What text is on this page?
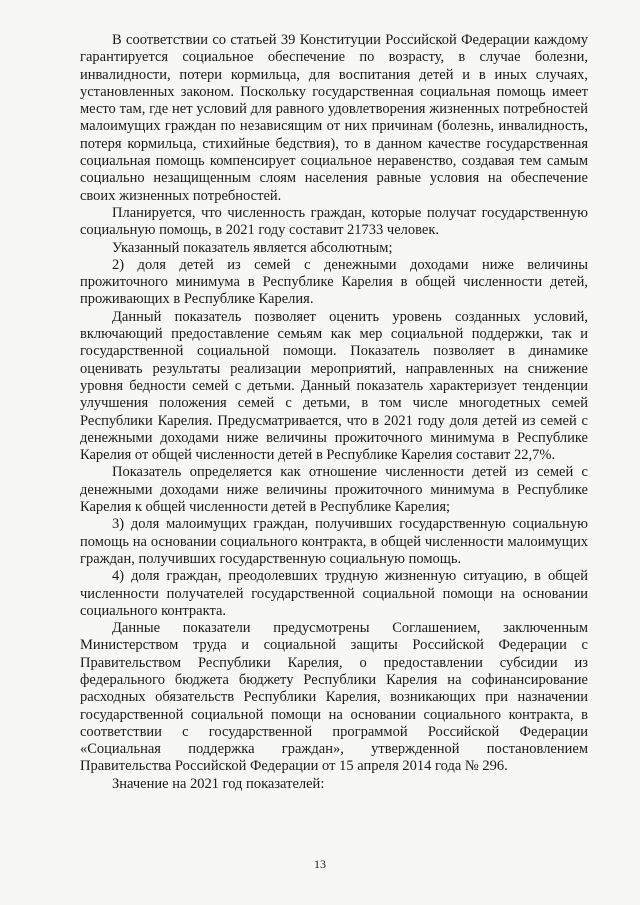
В соответствии со статьей 39 Конституции Российской Федерации каждому гарантируется социальное обеспечение по возрасту, в случае болезни, инвалидности, потери кормильца, для воспитания детей и в иных случаях, установленных законом. Поскольку государственная социальная помощь имеет место там, где нет условий для равного удовлетворения жизненных потребностей малоимущих граждан по независящим от них причинам (болезнь, инвалидность, потеря кормильца, стихийные бедствия), то в данном качестве государственная социальная помощь компенсирует социальное неравенство, создавая тем самым социально незащищенным слоям населения равные условия на обеспечение своих жизненных потребностей.

Планируется, что численность граждан, которые получат государственную социальную помощь, в 2021 году составит 21733 человек.

Указанный показатель является абсолютным;

2) доля детей из семей с денежными доходами ниже величины прожиточного минимума в Республике Карелия в общей численности детей, проживающих в Республике Карелия.

Данный показатель позволяет оценить уровень созданных условий, включающий предоставление семьям как мер социальной поддержки, так и государственной социальной помощи. Показатель позволяет в динамике оценивать результаты реализации мероприятий, направленных на снижение уровня бедности семей с детьми. Данный показатель характеризует тенденции улучшения положения семей с детьми, в том числе многодетных семей Республики Карелия. Предусматривается, что в 2021 году доля детей из семей с денежными доходами ниже величины прожиточного минимума в Республике Карелия от общей численности детей в Республике Карелия составит 22,7%.

Показатель определяется как отношение численности детей из семей с денежными доходами ниже величины прожиточного минимума в Республике Карелия к общей численности детей в Республике Карелия;

3) доля малоимущих граждан, получивших государственную социальную помощь на основании социального контракта, в общей численности малоимущих граждан, получивших государственную социальную помощь.

4) доля граждан, преодолевших трудную жизненную ситуацию, в общей численности получателей государственной социальной помощи на основании социального контракта.

Данные показатели предусмотрены Соглашением, заключенным Министерством труда и социальной защиты Российской Федерации с Правительством Республики Карелия, о предоставлении субсидии из федерального бюджета бюджету Республики Карелия на софинансирование расходных обязательств Республики Карелия, возникающих при назначении государственной социальной помощи на основании социального контракта, в соответствии с государственной программой Российской Федерации «Социальная поддержка граждан», утвержденной постановлением Правительства Российской Федерации от 15 апреля 2014 года № 296.

Значение на 2021 год показателей:

13
